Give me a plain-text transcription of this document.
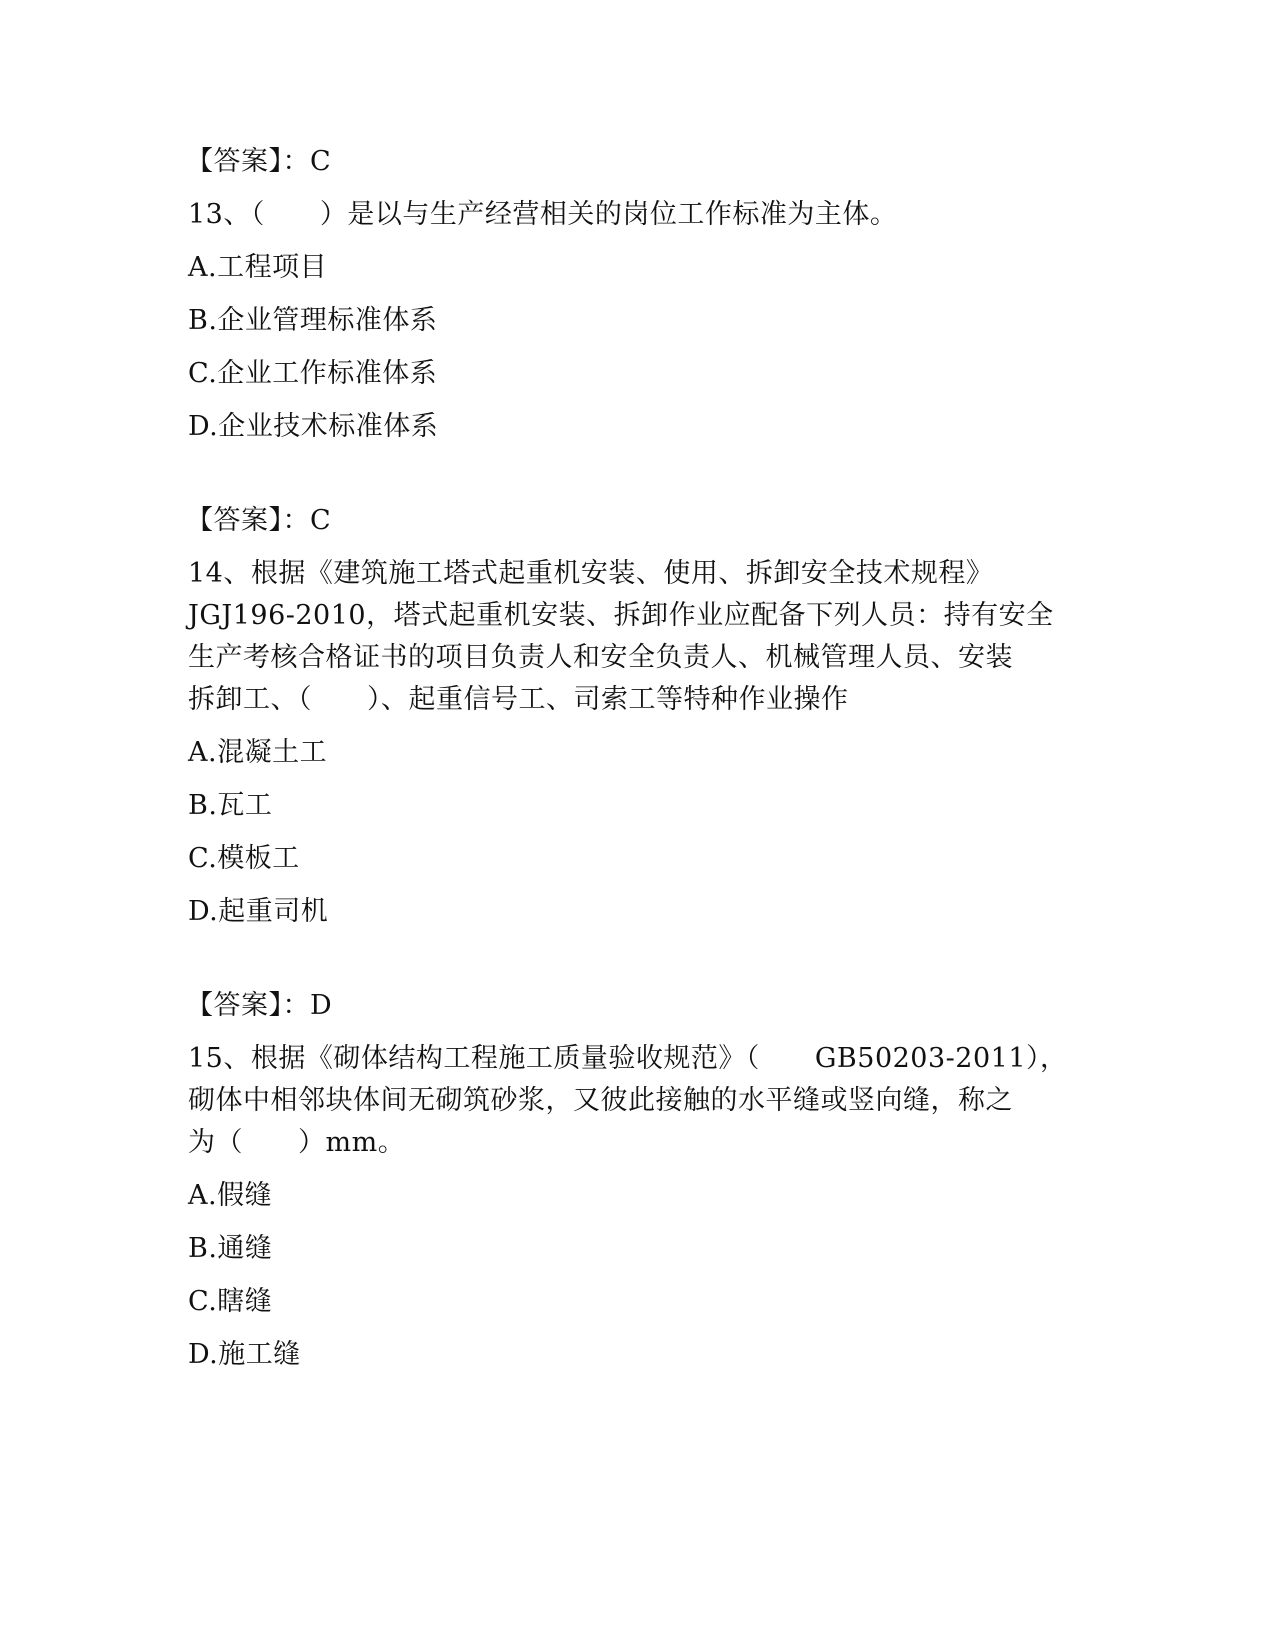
【答案】：C
13、（　　）是以与生产经营相关的岗位工作标准为主体。
A.工程项目
B.企业管理标准体系
C.企业工作标准体系
D.企业技术标准体系
【答案】：C
14、根据《建筑施工塔式起重机安装、使用、拆卸安全技术规程》
JGJ196-2010，塔式起重机安装、拆卸作业应配备下列人员：持有安全
生产考核合格证书的项目负责人和安全负责人、机械管理人员、安装
拆卸工、（　　）、起重信号工、司索工等特种作业操作
A.混凝土工
B.瓦工
C.模板工
D.起重司机
【答案】：D
15、根据《砌体结构工程施工质量验收规范》（　　GB50203-2011），
砌体中相邻块体间无砌筑砂浆，又彼此接触的水平缝或竖向缝，称之
为（　　）mm。
A.假缝
B.通缝
C.瞎缝
D.施工缝
